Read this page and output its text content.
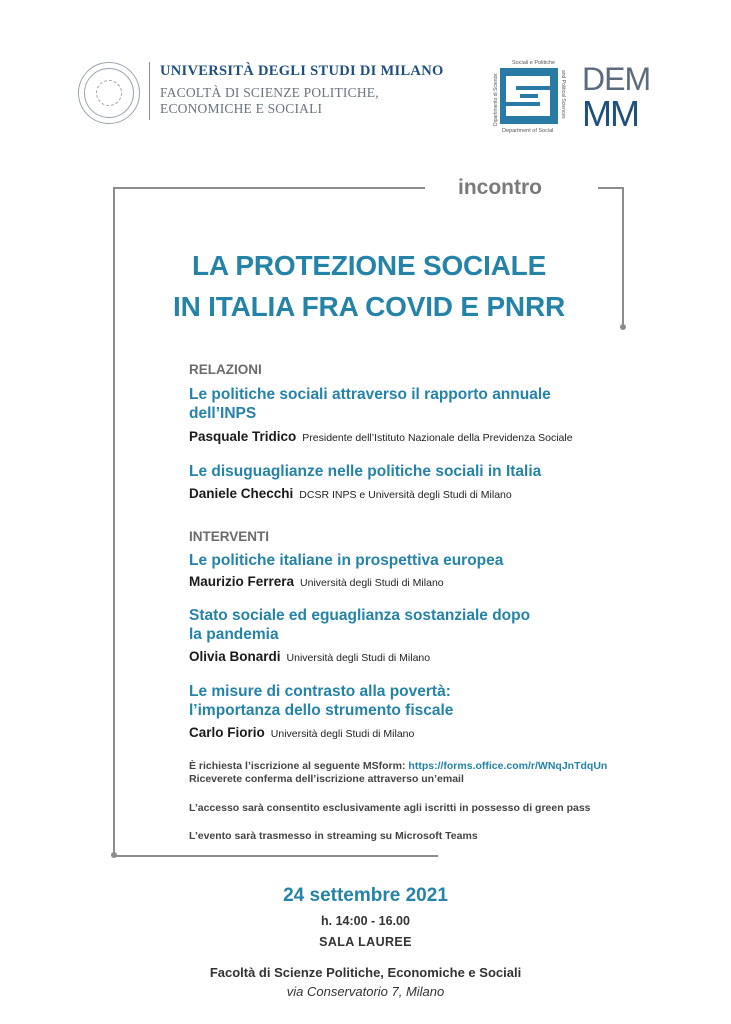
UNIVERSITÀ DEGLI STUDI DI MILANO
FACOLTÀ DI SCIENZE POLITICHE,
ECONOMICHE E SOCIALI
Sociali e Politiche
Dipartimento di Scienze	and Political Sciences
Department of Social
DEM
MM
incontro
LA PROTEZIONE SOCIALE
IN ITALIA FRA COVID E PNRR
RELAZIONI
Le politiche sociali attraverso il rapporto annuale
dell’INPS
Pasquale Tridico Presidente dell’Istituto Nazionale della Previdenza Sociale
Le disuguaglianze nelle politiche sociali in Italia
Daniele Checchi DCSR INPS e Università degli Studi di Milano
INTERVENTI
Le politiche italiane in prospettiva europea
Maurizio Ferrera Università degli Studi di Milano
Stato sociale ed eguaglianza sostanziale dopo
la pandemia
Olivia Bonardi Università degli Studi di Milano
Le misure di contrasto alla povertà:
l’importanza dello strumento fiscale
Carlo Fiorio Università degli Studi di Milano
È richiesta l’iscrizione al seguente MSform: https://forms.office.com/r/WNqJnTdqUn
Riceverete conferma dell’iscrizione attraverso un’email
L’accesso sarà consentito esclusivamente agli iscritti in possesso di green pass
L’evento sarà trasmesso in streaming su Microsoft Teams
24 settembre 2021
h. 14:00 - 16.00
SALA LAUREE
Facoltà di Scienze Politiche, Economiche e Sociali
via Conservatorio 7, Milano
